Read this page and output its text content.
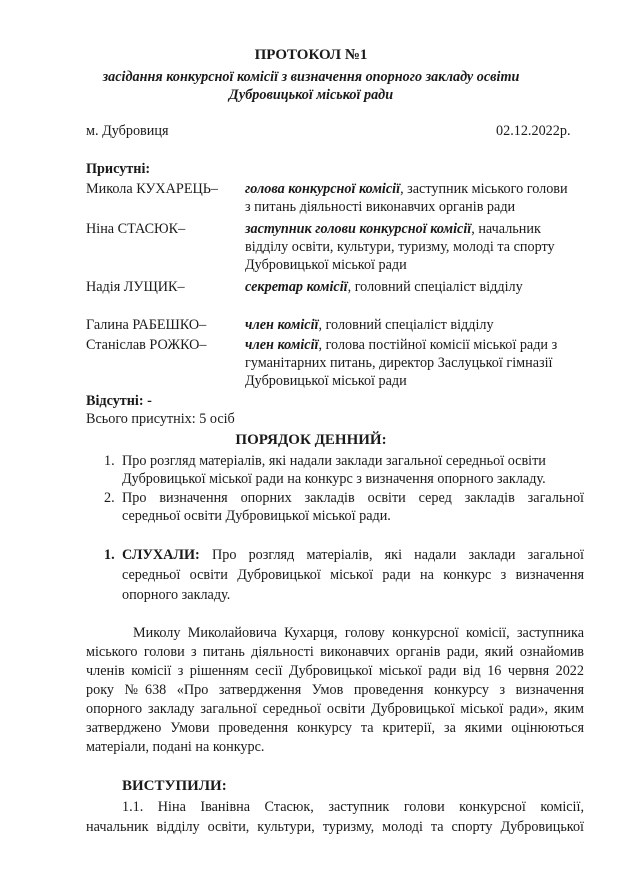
ПРОТОКОЛ №1
засідання конкурсної комісії з визначення опорного закладу освіти
Дубровицької міської ради
м. Дубровиця	02.12.2022р.
Присутні:
Микола КУХАРЕЦЬ– голова конкурсної комісії, заступник міського голови
з питань діяльності виконавчих органів ради
Ніна СТАСЮК–	заступник голови конкурсної комісії, начальник
відділу освіти, культури, туризму, молоді та спорту
Дубровицької міської ради
Надія ЛУЩИК–	секретар комісії, головний спеціаліст відділу
Галина РАБЕШКО–	член комісії, головний спеціаліст відділу
Станіслав РОЖКО–	член комісії, голова постійної комісії міської ради з
гуманітарних питань, директор Заслуцької гімназії
Дубровицької міської ради
Відсутні: -
Всього присутніх: 5 осіб
ПОРЯДОК ДЕННИЙ:
1. Про розгляд матеріалів, які надали заклади загальної середньої освіти
Дубровицької міської ради на конкурс з визначення опорного закладу.
2. Про визначення опорних закладів освіти серед закладів загальної
середньої освіти Дубровицької міської ради.
1. СЛУХАЛИ: Про розгляд матеріалів, які надали заклади загальної
середньої освіти Дубровицької міської ради на конкурс з визначення
опорного закладу.
Миколу Миколайовича Кухарця, голову конкурсної комісії, заступника
міського голови з питань діяльності виконавчих органів ради, який ознайомив
членів комісії з рішенням сесії Дубровицької міської ради від 16 червня 2022
року №638 «Про затвердження Умов проведення конкурсу з визначення
опорного закладу загальної середньої освіти Дубровицької міської ради», яким
затверджено Умови проведення конкурсу та критерії, за якими оцінюються
матеріали, подані на конкурс.
ВИСТУПИЛИ:
1.1. Ніна Іванівна Стасюк, заступник голови конкурсної комісії,
начальник відділу освіти, культури, туризму, молоді та спорту Дубровицької
